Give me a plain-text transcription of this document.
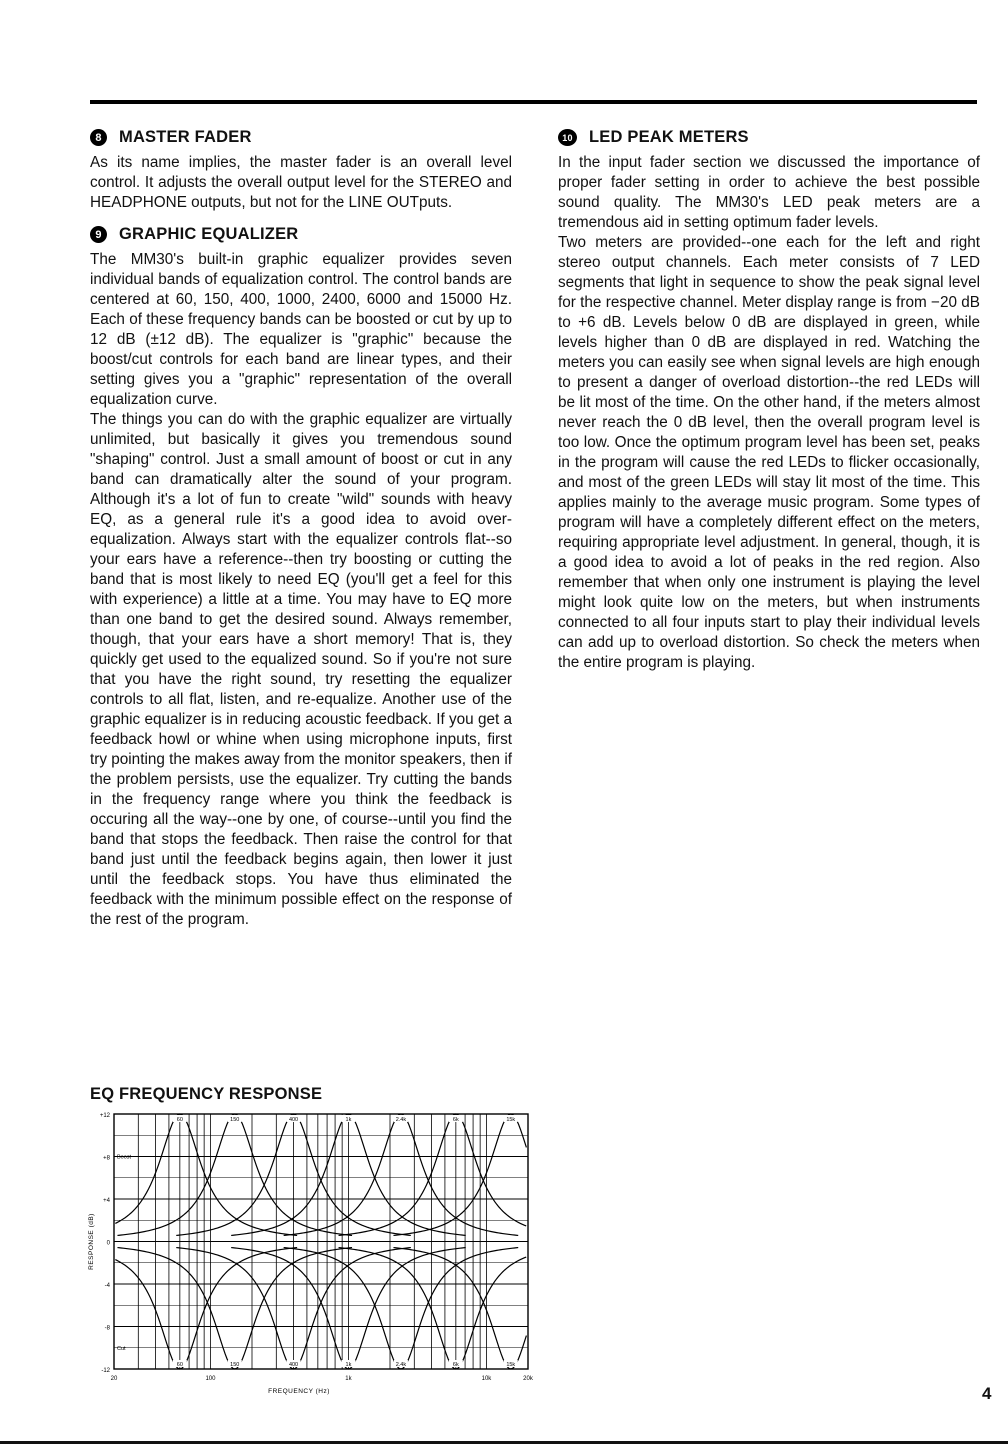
8	MASTER FADER

As its name implies, the master fader is an overall level control. It adjusts the overall output level for the STEREO and HEADPHONE outputs, but not for the LINE OUTputs.

9	GRAPHIC EQUALIZER

The MM30's built-in graphic equalizer provides seven individual bands of equalization control. The control bands are centered at 60, 150, 400, 1000, 2400, 6000 and 15000 Hz. Each of these frequency bands can be boosted or cut by up to 12 dB (±12 dB). The equalizer is "graphic" because the boost/cut controls for each band are linear types, and their setting gives you a "graphic" representation of the overall equalization curve.

The things you can do with the graphic equalizer are virtually unlimited, but basically it gives you tremendous sound "shaping" control. Just a small amount of boost or cut in any band can dramatically alter the sound of your program. Although it's a lot of fun to create "wild" sounds with heavy EQ, as a general rule it's a good idea to avoid over-equalization. Always start with the equalizer controls flat--so your ears have a reference--then try boosting or cutting the band that is most likely to need EQ (you'll get a feel for this with experience) a little at a time. You may have to EQ more than one band to get the desired sound. Always remember, though, that your ears have a short memory! That is, they quickly get used to the equalized sound. So if you're not sure that you have the right sound, try resetting the equalizer controls to all flat, listen, and re-equalize. Another use of the graphic equalizer is in reducing acoustic feedback. If you get a feedback howl or whine when using microphone inputs, first try pointing the makes away from the monitor speakers, then if the problem persists, use the equalizer. Try cutting the bands in the frequency range where you think the feedback is occuring all the way--one by one, of course--until you find the band that stops the feedback. Then raise the control for that band just until the feedback begins again, then lower it just until the feedback stops. You have thus eliminated the feedback with the minimum possible effect on the response of the rest of the program.

10 LED PEAK METERS

In the input fader section we discussed the importance of proper fader setting in order to achieve the best possible sound quality. The MM30's LED peak meters are a tremendous aid in setting optimum fader levels.

Two meters are provided--one each for the left and right stereo output channels. Each meter consists of 7 LED segments that light in sequence to show the peak signal level for the respective channel. Meter display range is from −20 dB to +6 dB. Levels below 0 dB are displayed in green, while levels higher than 0 dB are displayed in red. Watching the meters you can easily see when signal levels are high enough to present a danger of overload distortion--the red LEDs will be lit most of the time. On the other hand, if the meters almost never reach the 0 dB level, then the overall program level is too low. Once the optimum program level has been set, peaks in the program will cause the red LEDs to flicker occasionally, and most of the green LEDs will stay lit most of the time. This applies mainly to the average music program. Some types of program will have a completely different effect on the meters, requiring appropriate level adjustment. In general, though, it is a good idea to avoid a lot of peaks in the red region. Also remember that when only one instrument is playing the level might look quite low on the meters, but when instruments connected to all four inputs start to play their individual levels can add up to overload distortion. So check the meters when the entire program is playing.

EQ FREQUENCY RESPONSE
+12
+8
+4
0
-4
-8
-12
20	100	1k	10k	20k
FREQUENCY (Hz)
RESPONSE (dB)
Boost
Cut
60
60
150
150
400
400
1k
1k
2.4k
2.4k
6k
6k
15k
15k
4
